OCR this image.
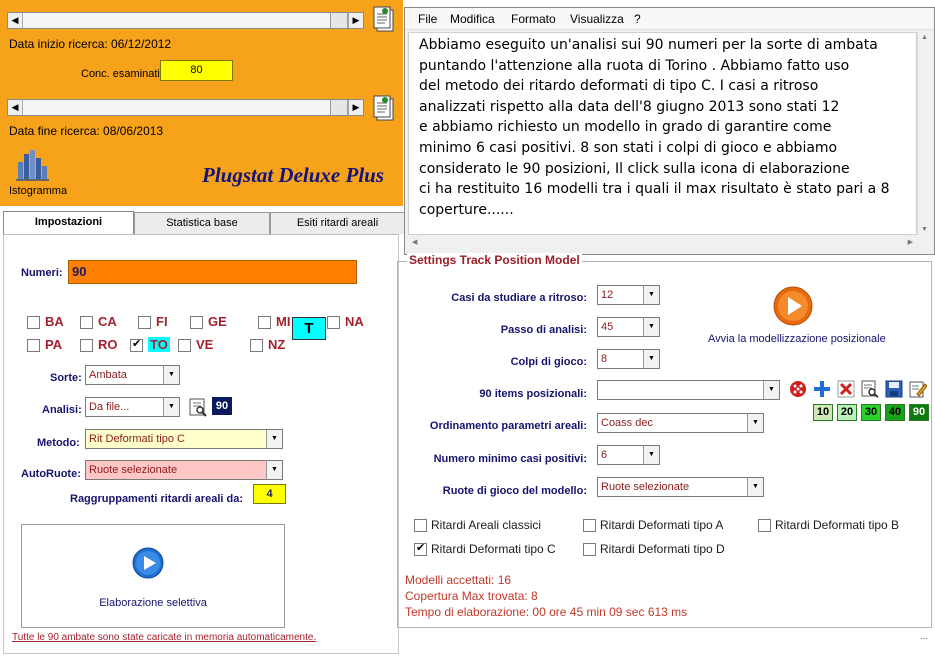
◀	▶
Data inizio ricerca: 06/12/2012
Conc. esaminati	80
◀	▶
Data fine ricerca: 08/06/2013
Istogramma
Plugstat Deluxe Plus
Impostazioni	Statistica base	Esiti ritardi areali
Numeri: 90
BA	CA	FI	GE	MI	NA
PA	RO
✔	TO VE	NZ
T
Sorte: Ambata	▼
Analisi: Da file...	▼	90
Metodo: Rit Deformati tipo C	▼
AutoRuote: Ruote selezionate	▼
Raggruppamenti ritardi areali da:	4
Elaborazione selettiva
Tutte le 90 ambate sono state caricate in memoria automaticamente.
File Modifica Formato Visualizza ?

Abbiamo eseguito un'analisi sui 90 numeri per la sorte di ambata

puntando l'attenzione alla ruota di Torino . Abbiamo fatto uso

del metodo dei ritardo deformati di tipo C. I casi a ritroso

analizzati rispetto alla data dell'8 giugno 2013 sono stati 12

e abbiamo richiesto un modello in grado di garantire come

minimo 6 casi positivi. 8 son stati i colpi di gioco e abbiamo

considerato le 90 posizioni, Il click sulla icona di elaborazione

ci ha restituito 16 modelli tra i quali il max risultato è stato pari a 8

coperture......

▲
▼
◀	▶
Settings Track Position Model
Casi da studiare a ritroso:	12	▼
Passo di analisi:	45	▼
Colpi di gioco:	8	▼
Avvia la modellizzazione posizionale
90 items posizionali:	▼
10	20	30	40	90
Ordinamento parametri areali:	Coass dec	▼
Numero minimo casi positivi:	6	▼
Ruote di gioco del modello:	Ruote selezionate	▼
Ritardi Areali classici	Ritardi Deformati tipo A	Ritardi Deformati tipo B
✔
Ritardi Deformati tipo C	Ritardi Deformati tipo D
Modelli accettati: 16
Copertura Max trovata: 8
Tempo di elaborazione: 00 ore 45 min 09 sec 613 ms
...
